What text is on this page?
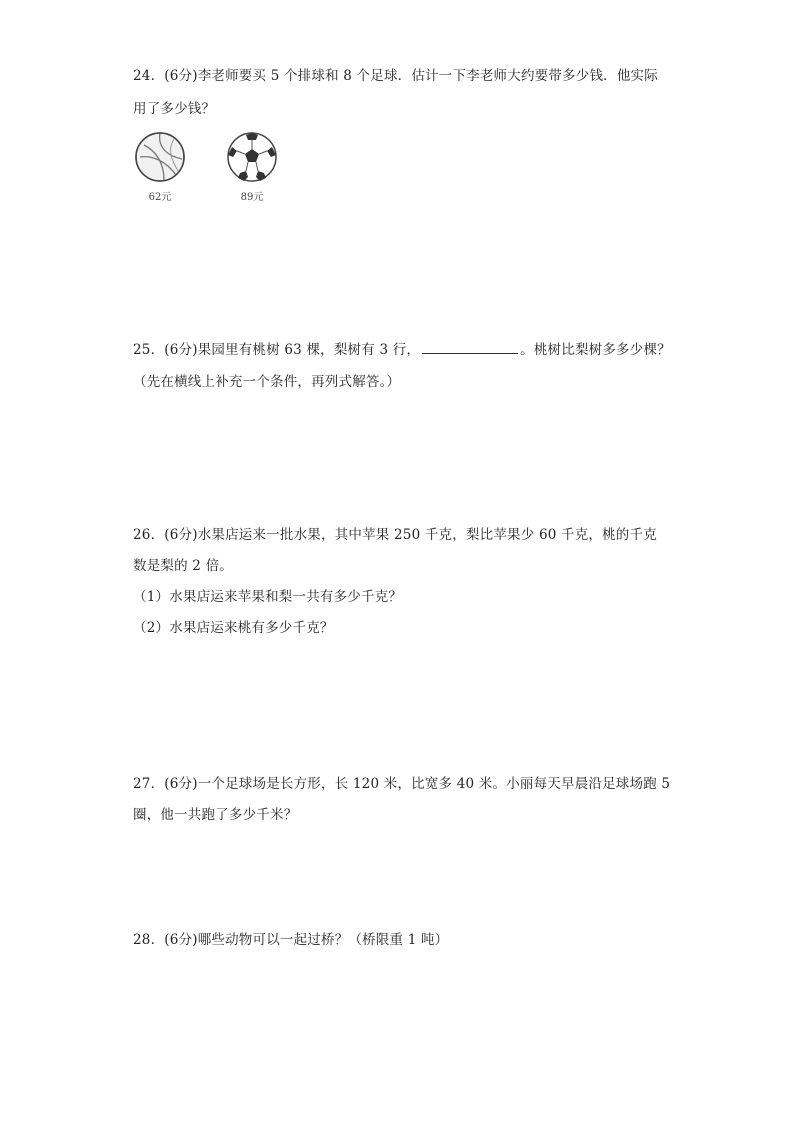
24．(6分)李老师要买 5 个排球和 8 个足球．估计一下李老师大约要带多少钱．他实际
用了多少钱？
62元	89元
25．(6分)果园里有桃树 63 棵，梨树有 3 行，	。桃树比梨树多多少棵？
（先在横线上补充一个条件，再列式解答。）
26．(6分)水果店运来一批水果，其中苹果 250 千克，梨比苹果少 60 千克，桃的千克
数是梨的 2 倍。
（1）水果店运来苹果和梨一共有多少千克？
（2）水果店运来桃有多少千克？
27．(6分)一个足球场是长方形，长 120 米，比宽多 40 米。小丽每天早晨沿足球场跑 5
圈，他一共跑了多少千米？
28．(6分)哪些动物可以一起过桥？（桥限重 1 吨）
